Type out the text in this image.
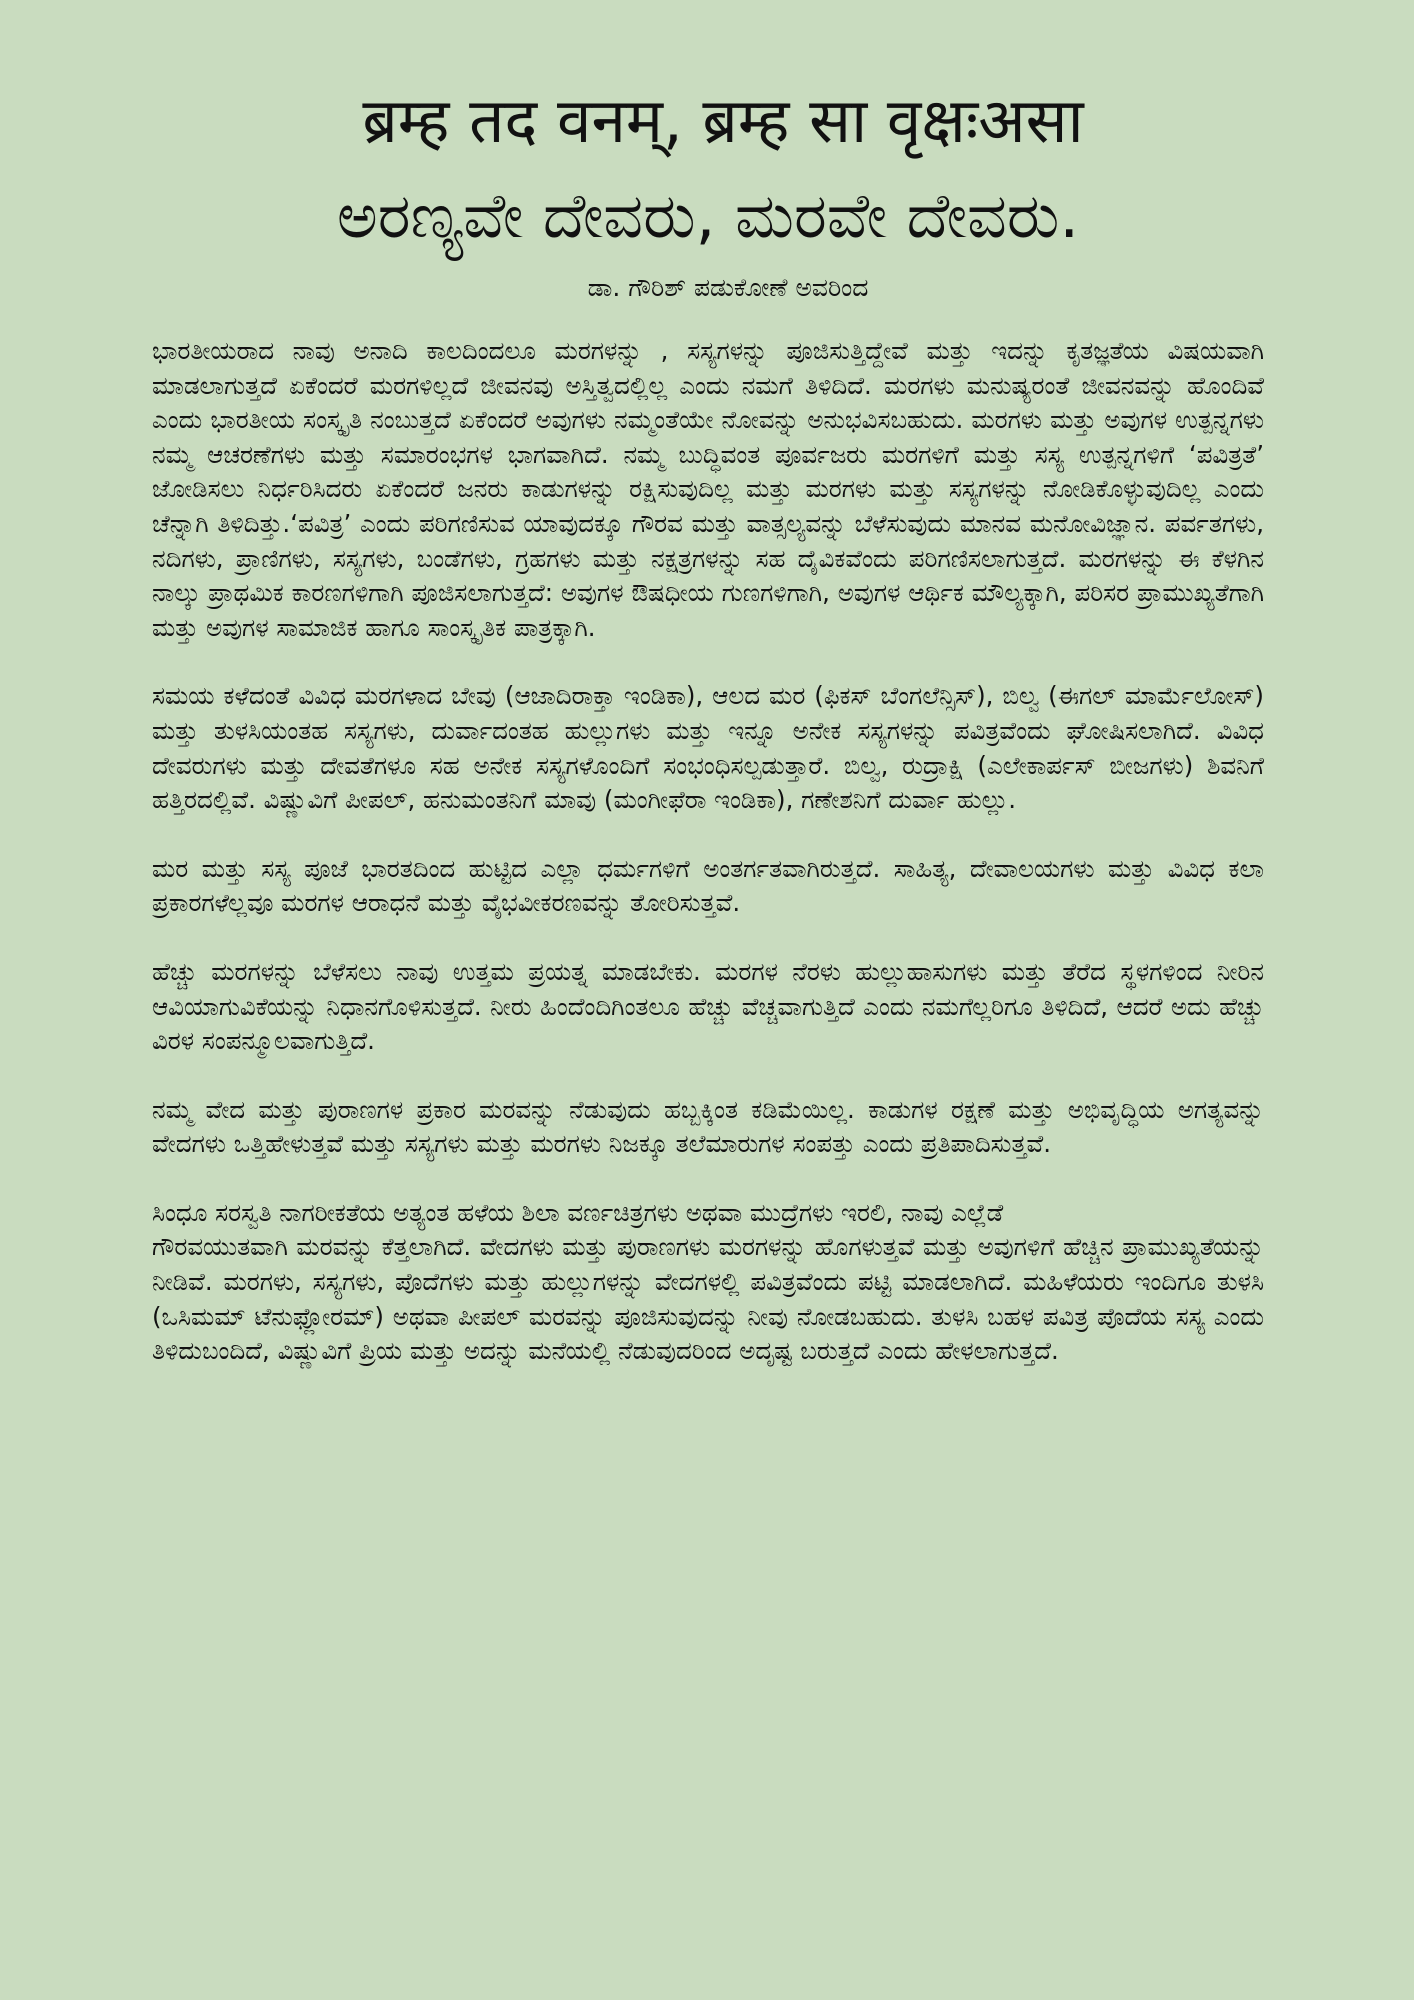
ब्रम्ह तद वनम्, ब्रम्ह सा वृक्षःअसा
ಅರಣ್ಯವೇ ದೇವರು, ಮರವೇ ದೇವರು.
ಡಾ. ಗೌರಿಶ್ ಪಡುಕೋಣೆ ಅವರಿಂದ

ಭಾರತೀಯರಾದ ನಾವು ಅನಾದಿ ಕಾಲದಿಂದಲೂ ಮರಗಳನ್ನು , ಸಸ್ಯಗಳನ್ನು ಪೂಜಿಸುತ್ತಿದ್ದೇವೆ ಮತ್ತು ಇದನ್ನು ಕೃತಜ್ಞತೆಯ ವಿಷಯವಾಗಿ ಮಾಡಲಾಗುತ್ತದೆ ಏಕೆಂದರೆ ಮರಗಳಿಲ್ಲದೆ ಜೀವನವು ಅಸ್ತಿತ್ವದಲ್ಲಿಲ್ಲ ಎಂದು ನಮಗೆ ತಿಳಿದಿದೆ. ಮರಗಳು ಮನುಷ್ಯರಂತೆ ಜೀವನವನ್ನು ಹೊಂದಿವೆ ಎಂದು ಭಾರತೀಯ ಸಂಸ್ಕೃತಿ ನಂಬುತ್ತದೆ ಏಕೆಂದರೆ ಅವುಗಳು ನಮ್ಮಂತೆಯೇ ನೋವನ್ನು ಅನುಭವಿಸಬಹುದು. ಮರಗಳು ಮತ್ತು ಅವುಗಳ ಉತ್ಪನ್ನಗಳು ನಮ್ಮ ಆಚರಣೆಗಳು ಮತ್ತು ಸಮಾರಂಭಗಳ ಭಾಗವಾಗಿದೆ. ನಮ್ಮ ಬುದ್ಧಿವಂತ ಪೂರ್ವಜರು ಮರಗಳಿಗೆ ಮತ್ತು ಸಸ್ಯ ಉತ್ಪನ್ನಗಳಿಗೆ ‘ಪವಿತ್ರತೆ’ ಜೋಡಿಸಲು ನಿರ್ಧರಿಸಿದರು ಏಕೆಂದರೆ ಜನರು ಕಾಡುಗಳನ್ನು ರಕ್ಷಿಸುವುದಿಲ್ಲ ಮತ್ತು ಮರಗಳು ಮತ್ತು ಸಸ್ಯಗಳನ್ನು ನೋಡಿಕೊಳ್ಳುವುದಿಲ್ಲ ಎಂದು ಚೆನ್ನಾಗಿ ತಿಳಿದಿತ್ತು.‘ಪವಿತ್ರ’ ಎಂದು ಪರಿಗಣಿಸುವ ಯಾವುದಕ್ಕೂ ಗೌರವ ಮತ್ತು ವಾತ್ಸಲ್ಯವನ್ನು ಬೆಳೆಸುವುದು ಮಾನವ ಮನೋವಿಜ್ಞಾನ. ಪರ್ವತಗಳು, ನದಿಗಳು, ಪ್ರಾಣಿಗಳು, ಸಸ್ಯಗಳು, ಬಂಡೆಗಳು, ಗ್ರಹಗಳು ಮತ್ತು ನಕ್ಷತ್ರಗಳನ್ನು ಸಹ ದೈವಿಕವೆಂದು ಪರಿಗಣಿಸಲಾಗುತ್ತದೆ. ಮರಗಳನ್ನು ಈ ಕೆಳಗಿನ ನಾಲ್ಕು ಪ್ರಾಥಮಿಕ ಕಾರಣಗಳಿಗಾಗಿ ಪೂಜಿಸಲಾಗುತ್ತದೆ: ಅವುಗಳ ಔಷಧೀಯ ಗುಣಗಳಿಗಾಗಿ, ಅವುಗಳ ಆರ್ಥಿಕ ಮೌಲ್ಯಕ್ಕಾಗಿ, ಪರಿಸರ ಪ್ರಾಮುಖ್ಯತೆಗಾಗಿ ಮತ್ತು ಅವುಗಳ ಸಾಮಾಜಿಕ ಹಾಗೂ ಸಾಂಸ್ಕೃತಿಕ ಪಾತ್ರಕ್ಕಾಗಿ.

ಸಮಯ ಕಳೆದಂತೆ ವಿವಿಧ ಮರಗಳಾದ ಬೇವು (ಆಜಾದಿರಾಕ್ತಾ ಇಂಡಿಕಾ), ಆಲದ ಮರ (ಫಿಕಸ್ ಬೆಂಗಲೆನ್ಸಿಸ್), ಬಿಲ್ವ (ಈಗಲ್ ಮಾರ್ಮೆಲೋಸ್) ಮತ್ತು ತುಳಸಿಯಂತಹ ಸಸ್ಯಗಳು, ದುರ್ವಾದಂತಹ ಹುಲ್ಲುಗಳು ಮತ್ತು ಇನ್ನೂ ಅನೇಕ ಸಸ್ಯಗಳನ್ನು ಪವಿತ್ರವೆಂದು ಘೋಷಿಸಲಾಗಿದೆ. ವಿವಿಧ ದೇವರುಗಳು ಮತ್ತು ದೇವತೆಗಳೂ ಸಹ ಅನೇಕ ಸಸ್ಯಗಳೊಂದಿಗೆ ಸಂಭಂಧಿಸಲ್ಪಡುತ್ತಾರೆ. ಬಿಲ್ವ, ರುದ್ರಾಕ್ಷಿ (ಎಲೇಕಾರ್ಪಸ್ ಬೀಜಗಳು) ಶಿವನಿಗೆ ಹತ್ತಿರದಲ್ಲಿವೆ. ವಿಷ್ಣುವಿಗೆ ಪೀಪಲ್, ಹನುಮಂತನಿಗೆ ಮಾವು (ಮಂಗೀಫೆರಾ ಇಂಡಿಕಾ), ಗಣೇಶನಿಗೆ ದುರ್ವಾ ಹುಲ್ಲು.

ಮರ ಮತ್ತು ಸಸ್ಯ ಪೂಜೆ ಭಾರತದಿಂದ ಹುಟ್ಟಿದ ಎಲ್ಲಾ ಧರ್ಮಗಳಿಗೆ ಅಂತರ್ಗತವಾಗಿರುತ್ತದೆ. ಸಾಹಿತ್ಯ, ದೇವಾಲಯಗಳು ಮತ್ತು ವಿವಿಧ ಕಲಾ ಪ್ರಕಾರಗಳೆಲ್ಲವೂ ಮರಗಳ ಆರಾಧನೆ ಮತ್ತು ವೈಭವೀಕರಣವನ್ನು ತೋರಿಸುತ್ತವೆ.

ಹೆಚ್ಚು ಮರಗಳನ್ನು ಬೆಳೆಸಲು ನಾವು ಉತ್ತಮ ಪ್ರಯತ್ನ ಮಾಡಬೇಕು. ಮರಗಳ ನೆರಳು ಹುಲ್ಲುಹಾಸುಗಳು ಮತ್ತು ತೆರೆದ ಸ್ಥಳಗಳಿಂದ ನೀರಿನ ಆವಿಯಾಗುವಿಕೆಯನ್ನು ನಿಧಾನಗೊಳಿಸುತ್ತದೆ. ನೀರು ಹಿಂದೆಂದಿಗಿಂತಲೂ ಹೆಚ್ಚು ವೆಚ್ಚವಾಗುತ್ತಿದೆ ಎಂದು ನಮಗೆಲ್ಲರಿಗೂ ತಿಳಿದಿದೆ, ಆದರೆ ಅದು ಹೆಚ್ಚು ವಿರಳ ಸಂಪನ್ಮೂಲವಾಗುತ್ತಿದೆ.

ನಮ್ಮ ವೇದ ಮತ್ತು ಪುರಾಣಗಳ ಪ್ರಕಾರ ಮರವನ್ನು ನೆಡುವುದು ಹಬ್ಬಕ್ಕಿಂತ ಕಡಿಮೆಯಿಲ್ಲ. ಕಾಡುಗಳ ರಕ್ಷಣೆ ಮತ್ತು ಅಭಿವೃದ್ಧಿಯ ಅಗತ್ಯವನ್ನು ವೇದಗಳು ಒತ್ತಿಹೇಳುತ್ತವೆ ಮತ್ತು ಸಸ್ಯಗಳು ಮತ್ತು ಮರಗಳು ನಿಜಕ್ಕೂ ತಲೆಮಾರುಗಳ ಸಂಪತ್ತು ಎಂದು ಪ್ರತಿಪಾದಿಸುತ್ತವೆ.

ಸಿಂಧೂ ಸರಸ್ವತಿ ನಾಗರೀಕತೆಯ ಅತ್ಯಂತ ಹಳೆಯ ಶಿಲಾ ವರ್ಣಚಿತ್ರಗಳು ಅಥವಾ ಮುದ್ರೆಗಳು ಇರಲಿ, ನಾವು ಎಲ್ಲೆಡೆ

ಗೌರವಯುತವಾಗಿ ಮರವನ್ನು ಕೆತ್ತಲಾಗಿದೆ. ವೇದಗಳು ಮತ್ತು ಪುರಾಣಗಳು ಮರಗಳನ್ನು ಹೊಗಳುತ್ತವೆ ಮತ್ತು ಅವುಗಳಿಗೆ ಹೆಚ್ಚಿನ ಪ್ರಾಮುಖ್ಯತೆಯನ್ನು ನೀಡಿವೆ. ಮರಗಳು, ಸಸ್ಯಗಳು, ಪೊದೆಗಳು ಮತ್ತು ಹುಲ್ಲುಗಳನ್ನು ವೇದಗಳಲ್ಲಿ ಪವಿತ್ರವೆಂದು ಪಟ್ಟಿ ಮಾಡಲಾಗಿದೆ. ಮಹಿಳೆಯರು ಇಂದಿಗೂ ತುಳಸಿ (ಒಸಿಮಮ್ ಟೆನುಫ್ಲೋರಮ್) ಅಥವಾ ಪೀಪಲ್ ಮರವನ್ನು ಪೂಜಿಸುವುದನ್ನು ನೀವು ನೋಡಬಹುದು. ತುಳಸಿ ಬಹಳ ಪವಿತ್ರ ಪೊದೆಯ ಸಸ್ಯ ಎಂದು ತಿಳಿದುಬಂದಿದೆ, ವಿಷ್ಣುವಿಗೆ ಪ್ರಿಯ ಮತ್ತು ಅದನ್ನು ಮನೆಯಲ್ಲಿ ನೆಡುವುದರಿಂದ ಅದೃಷ್ಟ ಬರುತ್ತದೆ ಎಂದು ಹೇಳಲಾಗುತ್ತದೆ.
